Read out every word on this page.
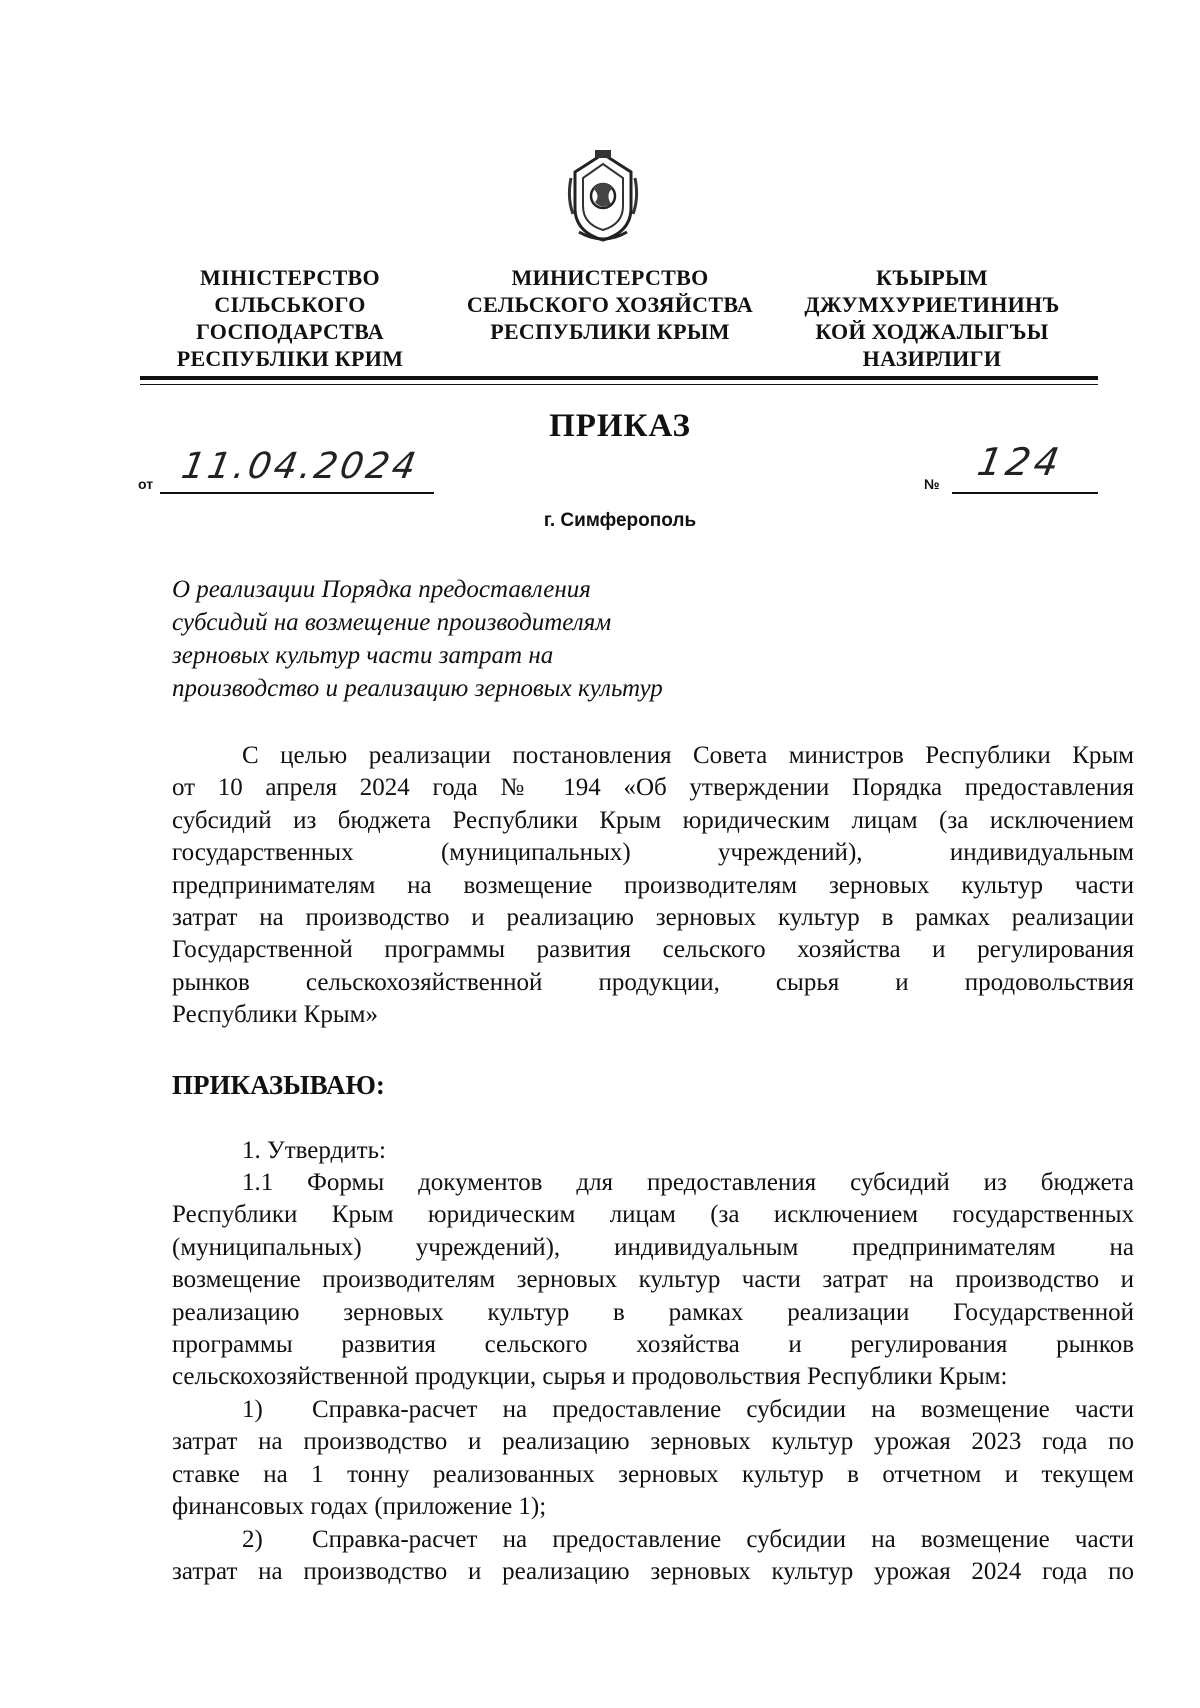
МІНІСТЕРСТВО
СІЛЬСЬКОГО
ГОСПОДАРСТВА
РЕСПУБЛІКИ КРИМ
МИНИСТЕРСТВО
СЕЛЬСКОГО ХОЗЯЙСТВА
РЕСПУБЛИКИ КРЫМ
КЪЫРЫМ
ДЖУМХУРИЕТИНИНЪ
КОЙ ХОДЖАЛЫГЪЫ
НАЗИРЛИГИ
ПРИКАЗ
от 11.04.2024	№ 124
г. Симферополь
О реализации Порядка предоставления
субсидий на возмещение производителям
зерновых культур части затрат на
производство и реализацию зерновых культур
С целью реализации постановления Совета министров Республики Крым
от 10 апреля 2024 года № 194 «Об утверждении Порядка предоставления
субсидий из бюджета Республики Крым юридическим лицам (за исключением
государственных (муниципальных) учреждений), индивидуальным
предпринимателям на возмещение производителям зерновых культур части
затрат на производство и реализацию зерновых культур в рамках реализации
Государственной программы развития сельского хозяйства и регулирования
рынков сельскохозяйственной продукции, сырья и продовольствия
Республики Крым»
ПРИКАЗЫВАЮ:
1. Утвердить:
1.1 Формы документов для предоставления субсидий из бюджета
Республики Крым юридическим лицам (за исключением государственных
(муниципальных) учреждений), индивидуальным предпринимателям на
возмещение производителям зерновых культур части затрат на производство и
реализацию зерновых культур в рамках реализации Государственной
программы развития сельского хозяйства и регулирования рынков
сельскохозяйственной продукции, сырья и продовольствия Республики Крым:
1) Справка-расчет на предоставление субсидии на возмещение части
затрат на производство и реализацию зерновых культур урожая 2023 года по
ставке на 1 тонну реализованных зерновых культур в отчетном и текущем
финансовых годах (приложение 1);
2) Справка-расчет на предоставление субсидии на возмещение части
затрат на производство и реализацию зерновых культур урожая 2024 года по
